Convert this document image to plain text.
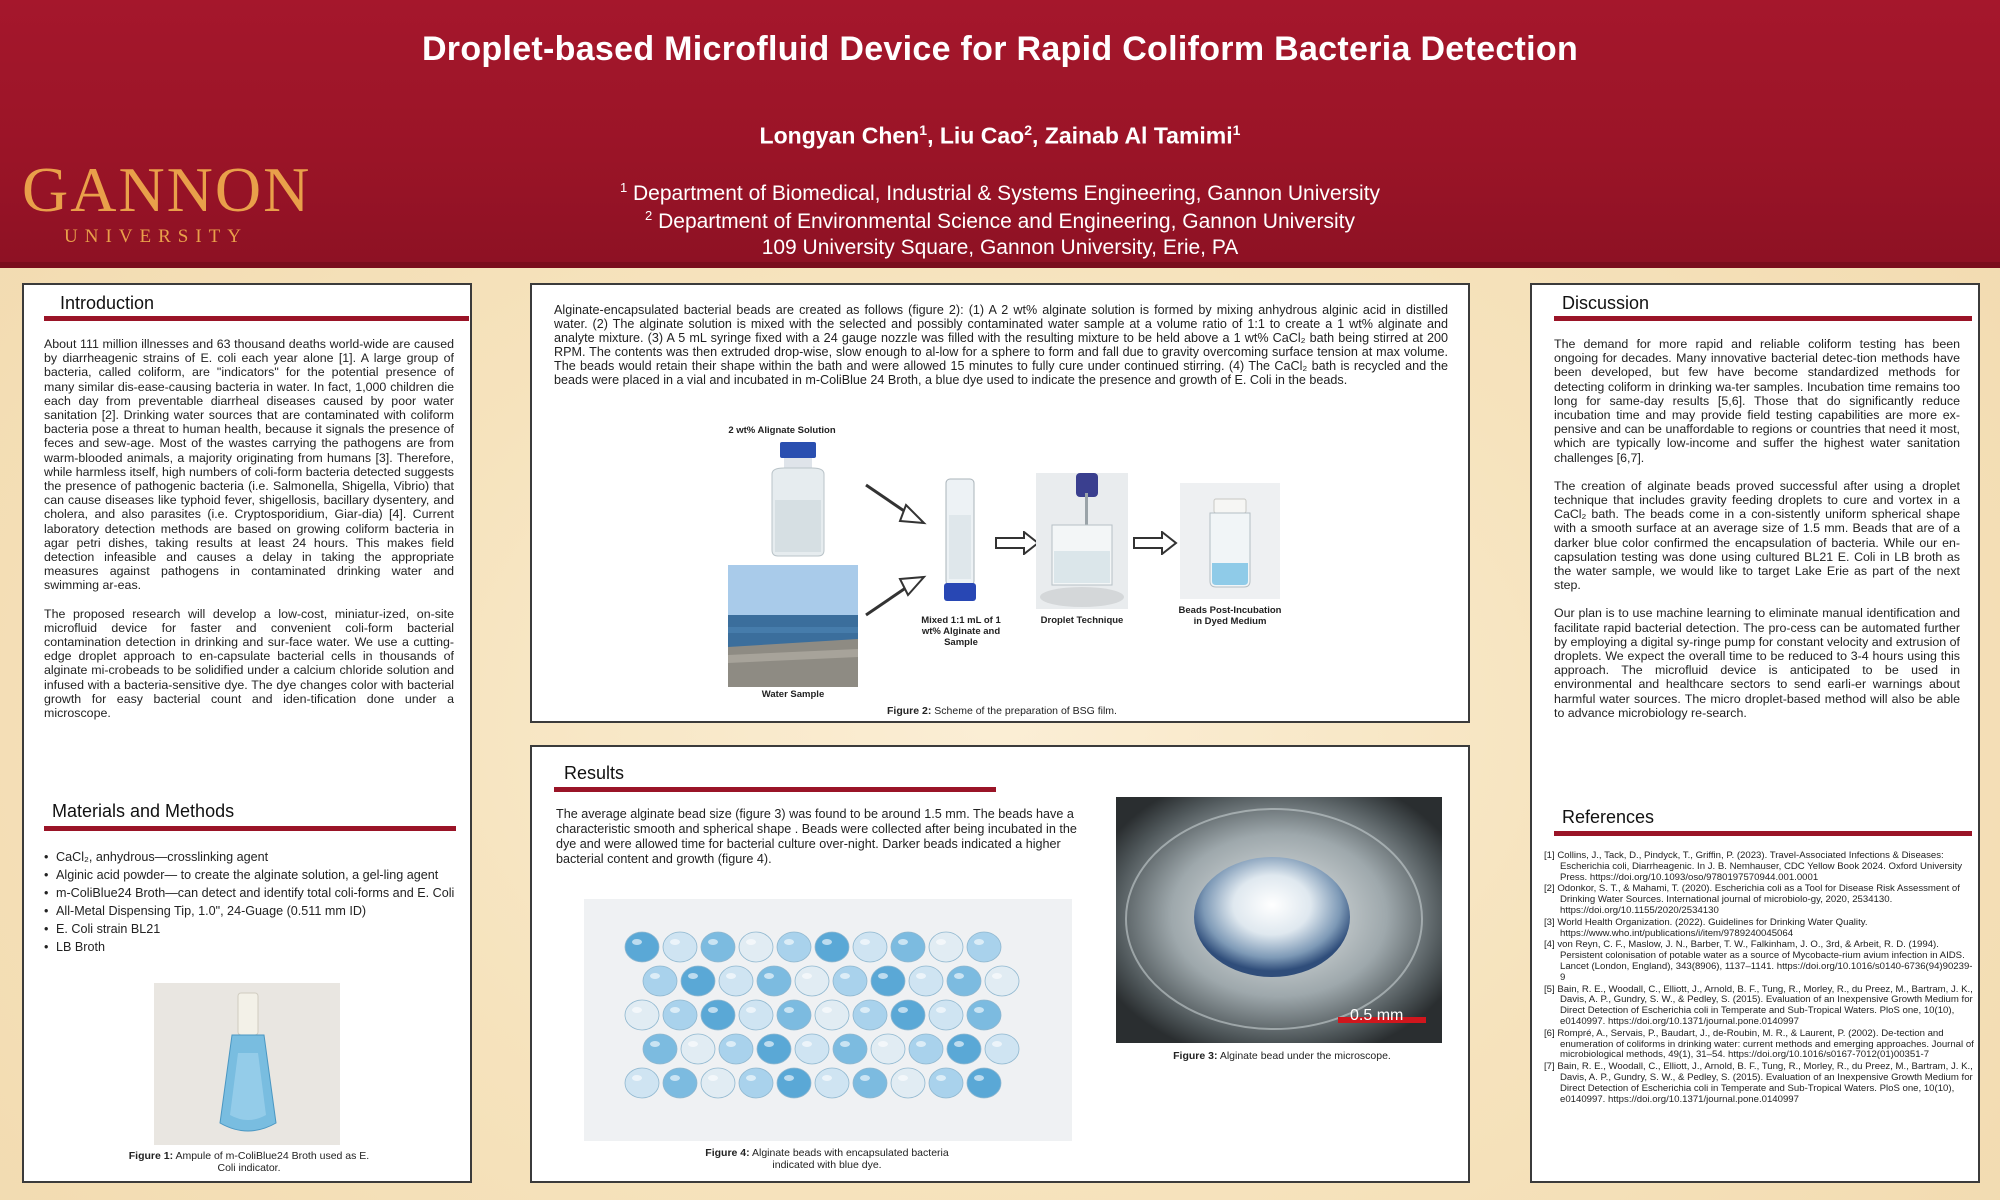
Droplet-based Microfluid Device for Rapid Coliform Bacteria Detection
Longyan Chen$^1$, Liu Cao$^2$, Zainab Al Tamimi$^1$
$^1$ Department of Biomedical, Industrial & Systems Engineering, Gannon University
$^2$ Department of Environmental Science and Engineering, Gannon University
109 University Square, Gannon University, Erie, PA
GANNON
UNIVERSITY
Introduction

About 111 million illnesses and 63 thousand deaths world-wide are caused by diarrheagenic strains of E. coli each year alone [1]. A large group of bacteria, called coliform, are "indicators" for the potential presence of many similar dis-ease-causing bacteria in water. In fact, 1,000 children die each day from preventable diarrheal diseases caused by poor water sanitation [2]. Drinking water sources that are contaminated with coliform bacteria pose a threat to human health, because it signals the presence of feces and sew-age. Most of the wastes carrying the pathogens are from warm-blooded animals, a majority originating from humans [3]. Therefore, while harmless itself, high numbers of coli-form bacteria detected suggests the presence of pathogenic bacteria (i.e. Salmonella, Shigella, Vibrio) that can cause diseases like typhoid fever, shigellosis, bacillary dysentery, and cholera, and also parasites (i.e. Cryptosporidium, Giar-dia) [4]. Current laboratory detection methods are based on growing coliform bacteria in agar petri dishes, taking results at least 24 hours. This makes field detection infeasible and causes a delay in taking the appropriate measures against pathogens in contaminated drinking water and swimming ar-eas.

The proposed research will develop a low-cost, miniatur-ized, on-site microfluid device for faster and convenient coli-form bacterial contamination detection in drinking and sur-face water. We use a cutting-edge droplet approach to en-capsulate bacterial cells in thousands of alginate mi-crobeads to be solidified under a calcium chloride solution and infused with a bacteria-sensitive dye. The dye changes color with bacterial growth for easy bacterial count and iden-tification done under a microscope.

Materials and Methods
• CaCl₂, anhydrous—crosslinking agent
• Alginic acid powder— to create the alginate solution, a gel-ling agent
• m-ColiBlue24 Broth—can detect and identify total coli-forms and E. Coli
• All-Metal Dispensing Tip, 1.0", 24-Guage (0.511 mm ID)
• E. Coli strain BL21
• LB Broth
Figure 1: Ampule of m-ColiBlue24 Broth used as E. Coli indicator.
Alginate-encapsulated bacterial beads are created as follows (figure 2): (1) A 2 wt% alginate solution is formed by mixing anhydrous alginic acid in distilled water. (2) The alginate solution is mixed with the selected and possibly contaminated water sample at a volume ratio of 1:1 to create a 1 wt% alginate and analyte mixture. (3) A 5 mL syringe fixed with a 24 gauge nozzle was filled with the resulting mixture to be held above a 1 wt% CaCl₂ bath being stirred at 200 RPM. The contents was then extruded drop-wise, slow enough to al-low for a sphere to form and fall due to gravity overcoming surface tension at max volume. The beads would retain their shape within the bath and were allowed 15 minutes to fully cure under continued stirring. (4) The CaCl₂ bath is recycled and the beads were placed in a vial and incubated in m-ColiBlue 24 Broth, a blue dye used to indicate the presence and growth of E. Coli in the beads.
2 wt% Alignate Solution
Water Sample
Mixed 1:1 mL of 1 wt% Alginate and Sample
Droplet Technique
Beads Post-Incubation in Dyed Medium
Figure 2: Scheme of the preparation of BSG film.
Results
The average alginate bead size (figure 3) was found to be around 1.5 mm. The beads have a characteristic smooth and spherical shape . Beads were collected after being incubated in the dye and were allowed time for bacterial culture over-night. Darker beads indicated a higher bacterial content and growth (figure 4).
Figure 4: Alginate beads with encapsulated bacteria indicated with blue dye.
0.5 mm
Figure 3: Alginate bead under the microscope.
Discussion

The demand for more rapid and reliable coliform testing has been ongoing for decades. Many innovative bacterial detec-tion methods have been developed, but few have become standardized methods for detecting coliform in drinking wa-ter samples. Incubation time remains too long for same-day results [5,6]. Those that do significantly reduce incubation time and may provide field testing capabilities are more ex-pensive and can be unaffordable to regions or countries that need it most, which are typically low-income and suffer the highest water sanitation challenges [6,7].

The creation of alginate beads proved successful after using a droplet technique that includes gravity feeding droplets to cure and vortex in a CaCl₂ bath. The beads come in a con-sistently uniform spherical shape with a smooth surface at an average size of 1.5 mm. Beads that are of a darker blue color confirmed the encapsulation of bacteria. While our en-capsulation testing was done using cultured BL21 E. Coli in LB broth as the water sample, we would like to target Lake Erie as part of the next step.

Our plan is to use machine learning to eliminate manual identification and facilitate rapid bacterial detection. The pro-cess can be automated further by employing a digital sy-ringe pump for constant velocity and extrusion of droplets. We expect the overall time to be reduced to 3-4 hours using this approach. The microfluid device is anticipated to be used in environmental and healthcare sectors to send earli-er warnings about harmful water sources. The micro droplet-based method will also be able to advance microbiology re-search.

References
[1] Collins, J., Tack, D., Pindyck, T., Griffin, P. (2023). Travel-Associated Infections & Diseases: Escherichia coli, Diarrheagenic. In J. B. Nemhauser, CDC Yellow Book 2024. Oxford University Press. https://doi.org/10.1093/oso/9780197570944.001.0001
[2] Odonkor, S. T., & Mahami, T. (2020). Escherichia coli as a Tool for Disease Risk Assessment of Drinking Water Sources. International journal of microbiolo-gy, 2020, 2534130. https://doi.org/10.1155/2020/2534130
[3] World Health Organization. (2022). Guidelines for Drinking Water Quality. https://www.who.int/publications/i/item/9789240045064
[4] von Reyn, C. F., Maslow, J. N., Barber, T. W., Falkinham, J. O., 3rd, & Arbeit, R. D. (1994). Persistent colonisation of potable water as a source of Mycobacte-rium avium infection in AIDS. Lancet (London, England), 343(8906), 1137–1141. https://doi.org/10.1016/s0140-6736(94)90239-9
[5] Bain, R. E., Woodall, C., Elliott, J., Arnold, B. F., Tung, R., Morley, R., du Preez, M., Bartram, J. K., Davis, A. P., Gundry, S. W., & Pedley, S. (2015). Evaluation of an Inexpensive Growth Medium for Direct Detection of Escherichia coli in Temperate and Sub-Tropical Waters. PloS one, 10(10), e0140997. https://doi.org/10.1371/journal.pone.0140997
[6] Rompré, A., Servais, P., Baudart, J., de-Roubin, M. R., & Laurent, P. (2002). De-tection and enumeration of coliforms in drinking water: current methods and emerging approaches. Journal of microbiological methods, 49(1), 31–54. https://doi.org/10.1016/s0167-7012(01)00351-7
[7] Bain, R. E., Woodall, C., Elliott, J., Arnold, B. F., Tung, R., Morley, R., du Preez, M., Bartram, J. K., Davis, A. P., Gundry, S. W., & Pedley, S. (2015). Evaluation of an Inexpensive Growth Medium for Direct Detection of Escherichia coli in Temperate and Sub-Tropical Waters. PloS one, 10(10), e0140997. https://doi.org/10.1371/journal.pone.0140997
